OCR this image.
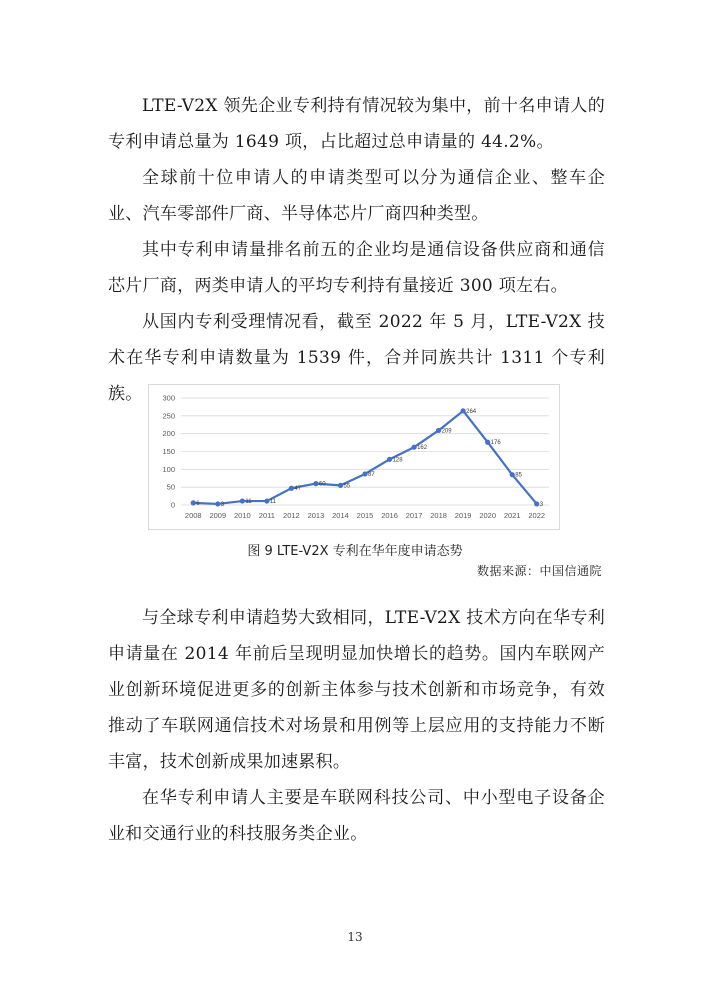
LTE-V2X 领先企业专利持有情况较为集中，前十名申请人的专利申请总量为 1649 项，占比超过总申请量的 44.2%。

全球前十位申请人的申请类型可以分为通信企业、整车企业、汽车零部件厂商、半导体芯片厂商四种类型。

其中专利申请量排名前五的企业均是通信设备供应商和通信芯片厂商，两类申请人的平均专利持有量接近 300 项左右。

从国内专利受理情况看，截至 2022 年 5 月，LTE-V2X 技术在华专利申请数量为 1539 件，合并同族共计 1311 个专利族。

0
50
100
150
200
250
300
2008 2009 2010 2011 2012 2013 2014 2015 2016 2017 2018 2019 2020 2021 2022
6	3	11	11
47
60	55
87
128
162
209
264
176
85
3
图 9 LTE-V2X 专利在华年度申请态势
数据来源：中国信通院

与全球专利申请趋势大致相同，LTE-V2X 技术方向在华专利申请量在 2014 年前后呈现明显加快增长的趋势。国内车联网产业创新环境促进更多的创新主体参与技术创新和市场竞争，有效推动了车联网通信技术对场景和用例等上层应用的支持能力不断丰富，技术创新成果加速累积。

在华专利申请人主要是车联网科技公司、中小型电子设备企业和交通行业的科技服务类企业。

13
